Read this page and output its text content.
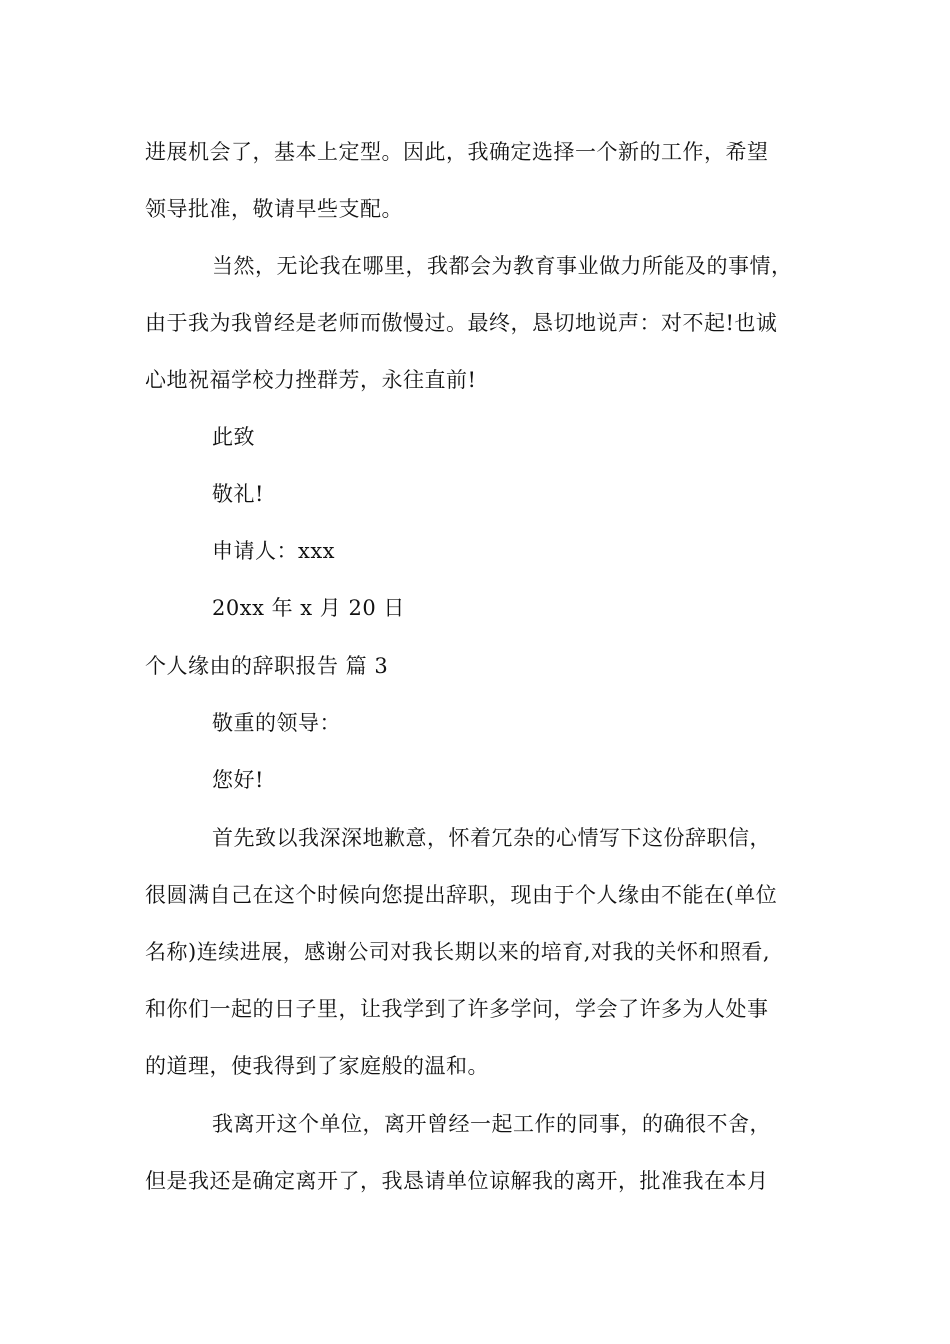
进展机会了，基本上定型。因此，我确定选择一个新的工作，希望
领导批准，敬请早些支配。
当然，无论我在哪里，我都会为教育事业做力所能及的事情，
由于我为我曾经是老师而傲慢过。最终，恳切地说声：对不起!也诚
心地祝福学校力挫群芳，永往直前!
此致
敬礼!
申请人：xxx
20xx 年 x 月 20 日
个人缘由的辞职报告 篇 3
敬重的领导：
您好!
首先致以我深深地歉意，怀着冗杂的心情写下这份辞职信，
很圆满自己在这个时候向您提出辞职，现由于个人缘由不能在(单位
名称)连续进展，感谢公司对我长期以来的培育,对我的关怀和照看,
和你们一起的日子里，让我学到了许多学问，学会了许多为人处事
的道理，使我得到了家庭般的温和。
我离开这个单位，离开曾经一起工作的同事，的确很不舍，
但是我还是确定离开了，我恳请单位谅解我的离开，批准我在本月
